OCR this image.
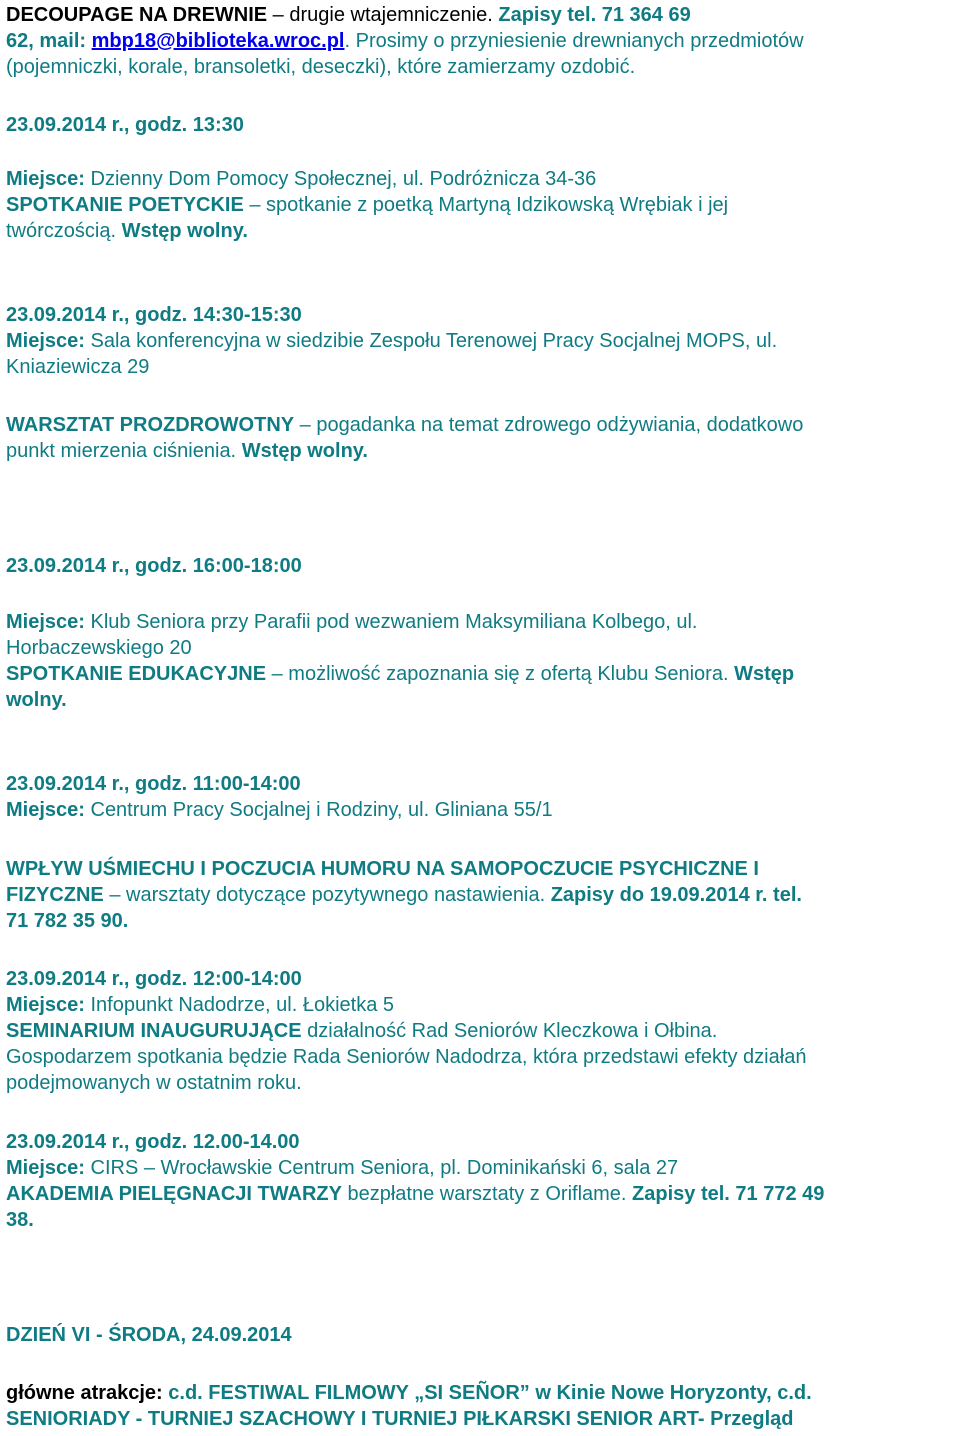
DECOUPAGE NA DREWNIE – drugie wtajemniczenie. Zapisy tel. 71 364 69
62, mail: mbp18@biblioteka.wroc.pl. Prosimy o przyniesienie drewnianych przedmiotów
(pojemniczki, korale, bransoletki, deseczki), które zamierzamy ozdobić.
23.09.2014 r., godz. 13:30
Miejsce: Dzienny Dom Pomocy Społecznej, ul. Podróżnicza 34-36
SPOTKANIE POETYCKIE – spotkanie z poetką Martyną Idzikowską Wrębiak i jej
twórczością. Wstęp wolny.
23.09.2014 r., godz. 14:30-15:30
Miejsce: Sala konferencyjna w siedzibie Zespołu Terenowej Pracy Socjalnej MOPS, ul.
Kniaziewicza 29
WARSZTAT PROZDROWOTNY – pogadanka na temat zdrowego odżywiania, dodatkowo
punkt mierzenia ciśnienia. Wstęp wolny.
23.09.2014 r., godz. 16:00-18:00
Miejsce: Klub Seniora przy Parafii pod wezwaniem Maksymiliana Kolbego, ul.
Horbaczewskiego 20
SPOTKANIE EDUKACYJNE – możliwość zapoznania się z ofertą Klubu Seniora. Wstęp
wolny.
23.09.2014 r., godz. 11:00-14:00
Miejsce: Centrum Pracy Socjalnej i Rodziny, ul. Gliniana 55/1
WPŁYW UŚMIECHU I POCZUCIA HUMORU NA SAMOPOCZUCIE PSYCHICZNE I
FIZYCZNE – warsztaty dotyczące pozytywnego nastawienia. Zapisy do 19.09.2014 r. tel.
71 782 35 90.
23.09.2014 r., godz. 12:00-14:00
Miejsce: Infopunkt Nadodrze, ul. Łokietka 5
SEMINARIUM INAUGURUJĄCE działalność Rad Seniorów Kleczkowa i Ołbina.
Gospodarzem spotkania będzie Rada Seniorów Nadodrza, która przedstawi efekty działań
podejmowanych w ostatnim roku.
23.09.2014 r., godz. 12.00-14.00
Miejsce: CIRS – Wrocławskie Centrum Seniora, pl. Dominikański 6, sala 27
AKADEMIA PIELĘGNACJI TWARZY bezpłatne warsztaty z Oriflame. Zapisy tel. 71 772 49
38.
DZIEŃ VI - ŚRODA, 24.09.2014
główne atrakcje: c.d. FESTIWAL FILMOWY „SI SEÑOR” w Kinie Nowe Horyzonty, c.d.
SENIORIADY - TURNIEJ SZACHOWY I TURNIEJ PIŁKARSKI SENIOR ART- Przegląd
